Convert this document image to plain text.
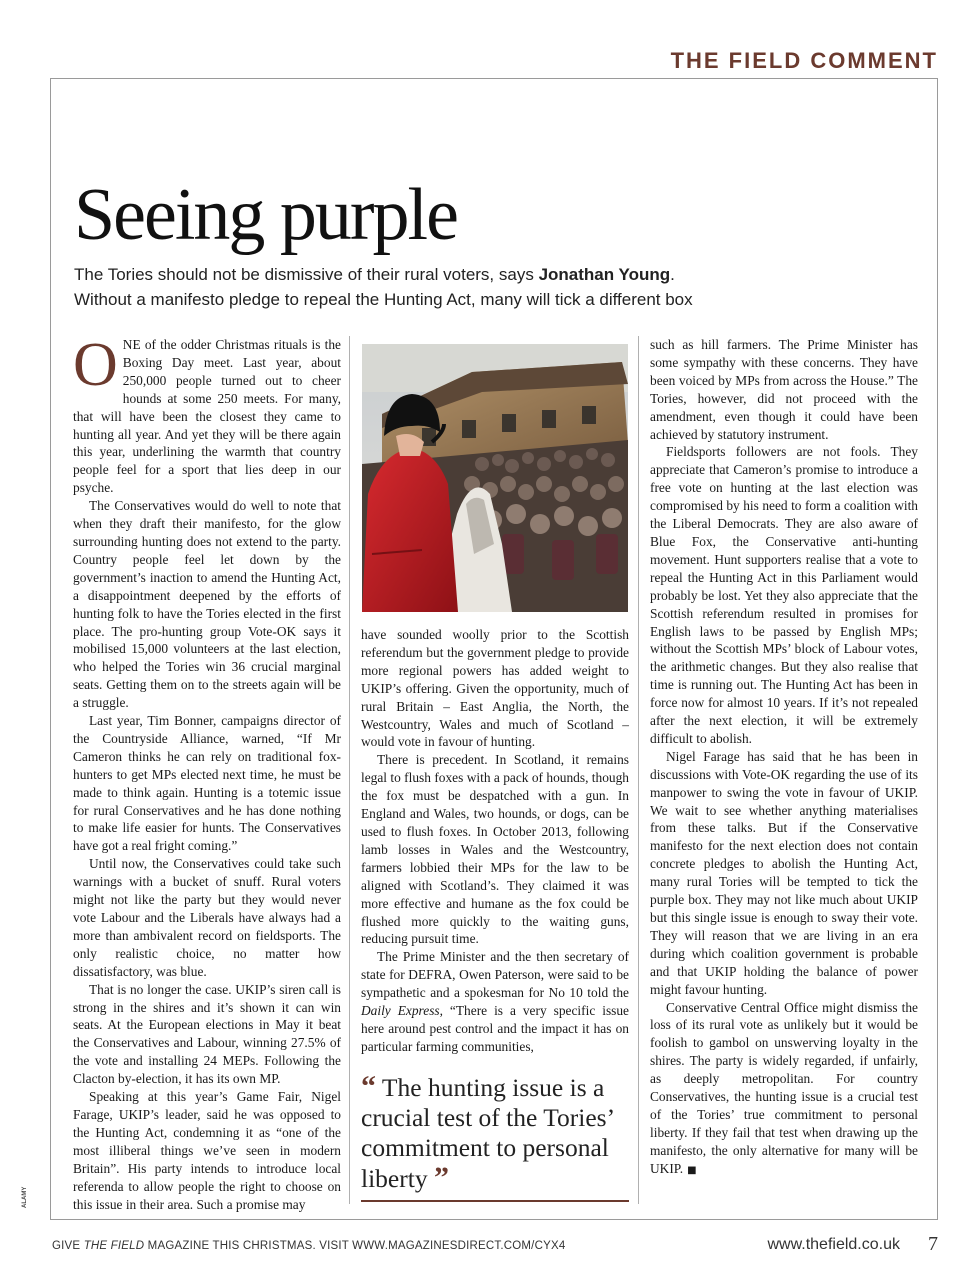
THE FIELD COMMENT
Seeing purple

The Tories should not be dismissive of their rural voters, says Jonathan Young.
Without a manifesto pledge to repeal the Hunting Act, many will tick a different box

ONE of the odder Christmas rituals is the Boxing Day meet. Last year, about 250,000 people turned out to cheer hounds at some 250 meets. For many, that will have been the closest they came to hunting all year. And yet they will be there again this year, underlining the warmth that country people feel for a sport that lies deep in our psyche.

The Conservatives would do well to note that when they draft their manifesto, for the glow surrounding hunting does not extend to the party. Country people feel let down by the government’s inaction to amend the Hunting Act, a disappointment deepened by the efforts of hunting folk to have the Tories elected in the first place. The pro-hunting group Vote-OK says it mobilised 15,000 volunteers at the last election, who helped the Tories win 36 crucial marginal seats. Getting them on to the streets again will be a struggle.

Last year, Tim Bonner, campaigns director of the Countryside Alliance, warned, “If Mr Cameron thinks he can rely on traditional fox-hunters to get MPs elected next time, he must be made to think again. Hunting is a totemic issue for rural Conservatives and he has done nothing to make life easier for hunts. The Conservatives have got a real fright coming.”

Until now, the Conservatives could take such warnings with a bucket of snuff. Rural voters might not like the party but they would never vote Labour and the Liberals have always had a more than ambivalent record on fieldsports. The only realistic choice, no matter how dissatisfactory, was blue.

That is no longer the case. UKIP’s siren call is strong in the shires and it’s shown it can win seats. At the European elections in May it beat the Conservatives and Labour, winning 27.5% of the vote and installing 24 MEPs. Following the Clacton by-election, it has its own MP.

Speaking at this year’s Game Fair, Nigel Farage, UKIP’s leader, said he was opposed to the Hunting Act, condemning it as “one of the most illiberal things we’ve seen in modern Britain”. His party intends to introduce local referenda to allow people the right to choose on this issue in their area. Such a promise may

have sounded woolly prior to the Scottish referendum but the government pledge to provide more regional powers has added weight to UKIP’s offering. Given the opportunity, much of rural Britain – East Anglia, the North, the Westcountry, Wales and much of Scotland – would vote in favour of hunting.

There is precedent. In Scotland, it remains legal to flush foxes with a pack of hounds, though the fox must be despatched with a gun. In England and Wales, two hounds, or dogs, can be used to flush foxes. In October 2013, following lamb losses in Wales and the Westcountry, farmers lobbied their MPs for the law to be aligned with Scotland’s. They claimed it was more effective and humane as the fox could be flushed more quickly to the waiting guns, reducing pursuit time.

The Prime Minister and the then secretary of state for DEFRA, Owen Paterson, were said to be sympathetic and a spokesman for No 10 told the Daily Express, “There is a very specific issue here around pest control and the impact it has on particular farming communities,

“ The hunting issue is a crucial test of the Tories’ commitment to personal liberty ”

such as hill farmers. The Prime Minister has some sympathy with these concerns. They have been voiced by MPs from across the House.” The Tories, however, did not proceed with the amendment, even though it could have been achieved by statutory instrument.

Fieldsports followers are not fools. They appreciate that Cameron’s promise to introduce a free vote on hunting at the last election was compromised by his need to form a coalition with the Liberal Democrats. They are also aware of Blue Fox, the Conservative anti-hunting movement. Hunt supporters realise that a vote to repeal the Hunting Act in this Parliament would probably be lost. Yet they also appreciate that the Scottish referendum resulted in promises for English laws to be passed by English MPs; without the Scottish MPs’ block of Labour votes, the arithmetic changes. But they also realise that time is running out. The Hunting Act has been in force now for almost 10 years. If it’s not repealed after the next election, it will be extremely difficult to abolish.

Nigel Farage has said that he has been in discussions with Vote-OK regarding the use of its manpower to swing the vote in favour of UKIP. We wait to see whether anything materialises from these talks. But if the Conservative manifesto for the next election does not contain concrete pledges to abolish the Hunting Act, many rural Tories will be tempted to tick the purple box. They may not like much about UKIP but this single issue is enough to sway their vote. They will reason that we are living in an era during which coalition government is probable and that UKIP holding the balance of power might favour hunting.

Conservative Central Office might dismiss the loss of its rural vote as unlikely but it would be foolish to gambol on unswerving loyalty in the shires. The party is widely regarded, if unfairly, as deeply metropolitan. For country Conservatives, the hunting issue is a crucial test of the Tories’ true commitment to personal liberty. If they fail that test when drawing up the manifesto, the only alternative for many will be UKIP. ■

ALAMY
GIVE THE FIELD MAGAZINE THIS CHRISTMAS. VISIT WWW.MAGAZINESDIRECT.COM/CYX4	www.thefield.co.uk 7
